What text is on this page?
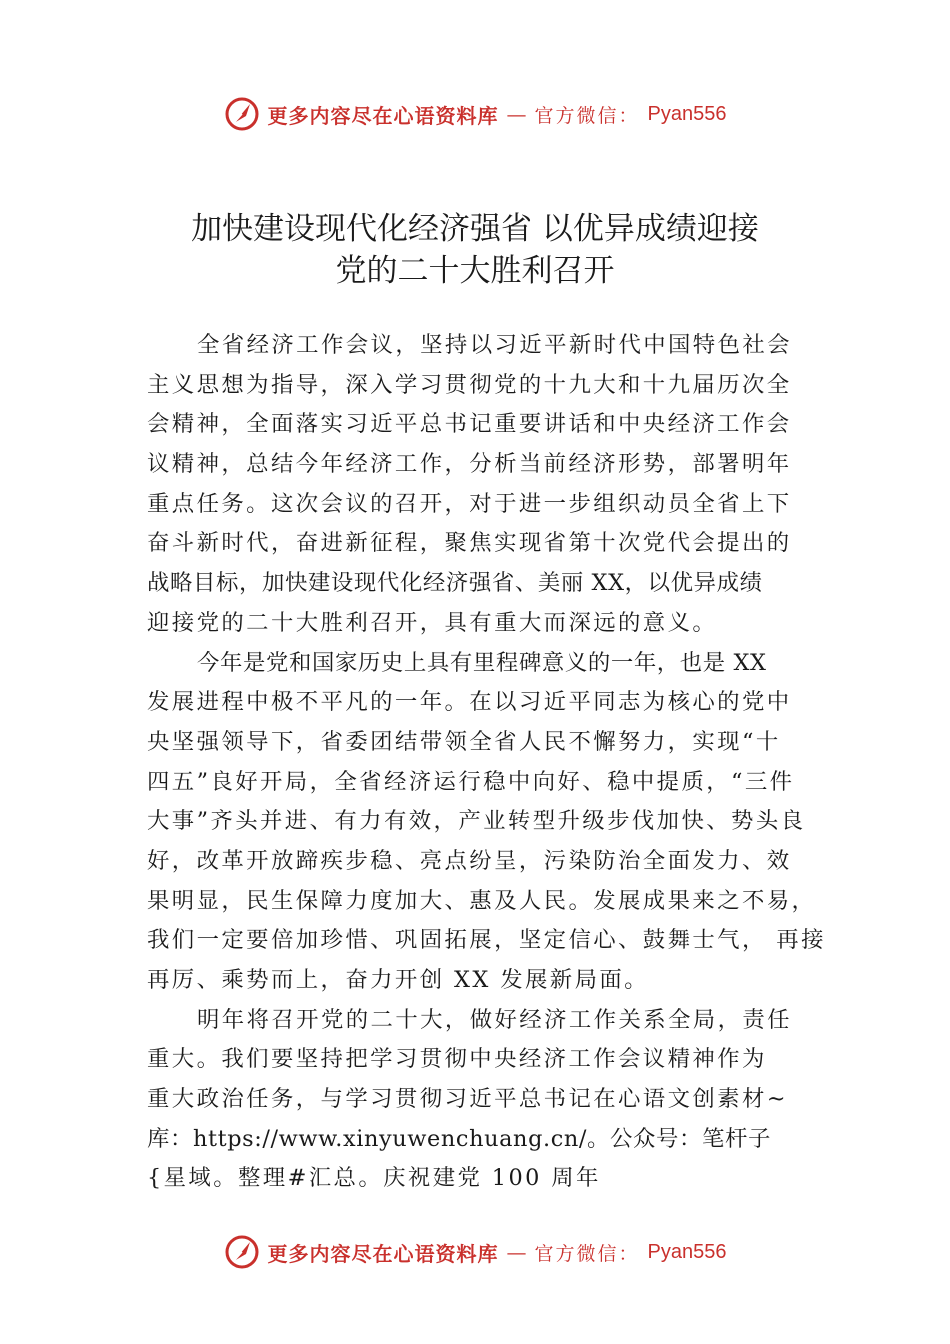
更多内容尽在心语资料库 — 官方微信： Pyan556
加快建设现代化经济强省 以优异成绩迎接
党的二十大胜利召开
全省经济工作会议，坚持以习近平新时代中国特色社会
主义思想为指导，深入学习贯彻党的十九大和十九届历次全
会精神，全面落实习近平总书记重要讲话和中央经济工作会
议精神，总结今年经济工作，分析当前经济形势，部署明年
重点任务。这次会议的召开，对于进一步组织动员全省上下
奋斗新时代，奋进新征程，聚焦实现省第十次党代会提出的
战略目标，加快建设现代化经济强省、美丽 XX，以优异成绩
迎接党的二十大胜利召开，具有重大而深远的意义。
今年是党和国家历史上具有里程碑意义的一年，也是 XX
发展进程中极不平凡的一年。在以习近平同志为核心的党中
央坚强领导下，省委团结带领全省人民不懈努力，实现“十
四五”良好开局，全省经济运行稳中向好、稳中提质，“三件
大事”齐头并进、有力有效，产业转型升级步伐加快、势头良
好，改革开放蹄疾步稳、亮点纷呈，污染防治全面发力、效
果明显，民生保障力度加大、惠及人民。发展成果来之不易，
我们一定要倍加珍惜、巩固拓展，坚定信心、鼓舞士气， 再接
再厉、乘势而上，奋力开创 XX 发展新局面。
明年将召开党的二十大，做好经济工作关系全局，责任
重大。我们要坚持把学习贯彻中央经济工作会议精神作为
重大政治任务，与学习贯彻习近平总书记在心语文创素材~
库：https://www.xinyuwenchuang.cn/。公众号：笔杆子
{星域。整理#汇总。庆祝建党 100 周年
更多内容尽在心语资料库 — 官方微信： Pyan556
